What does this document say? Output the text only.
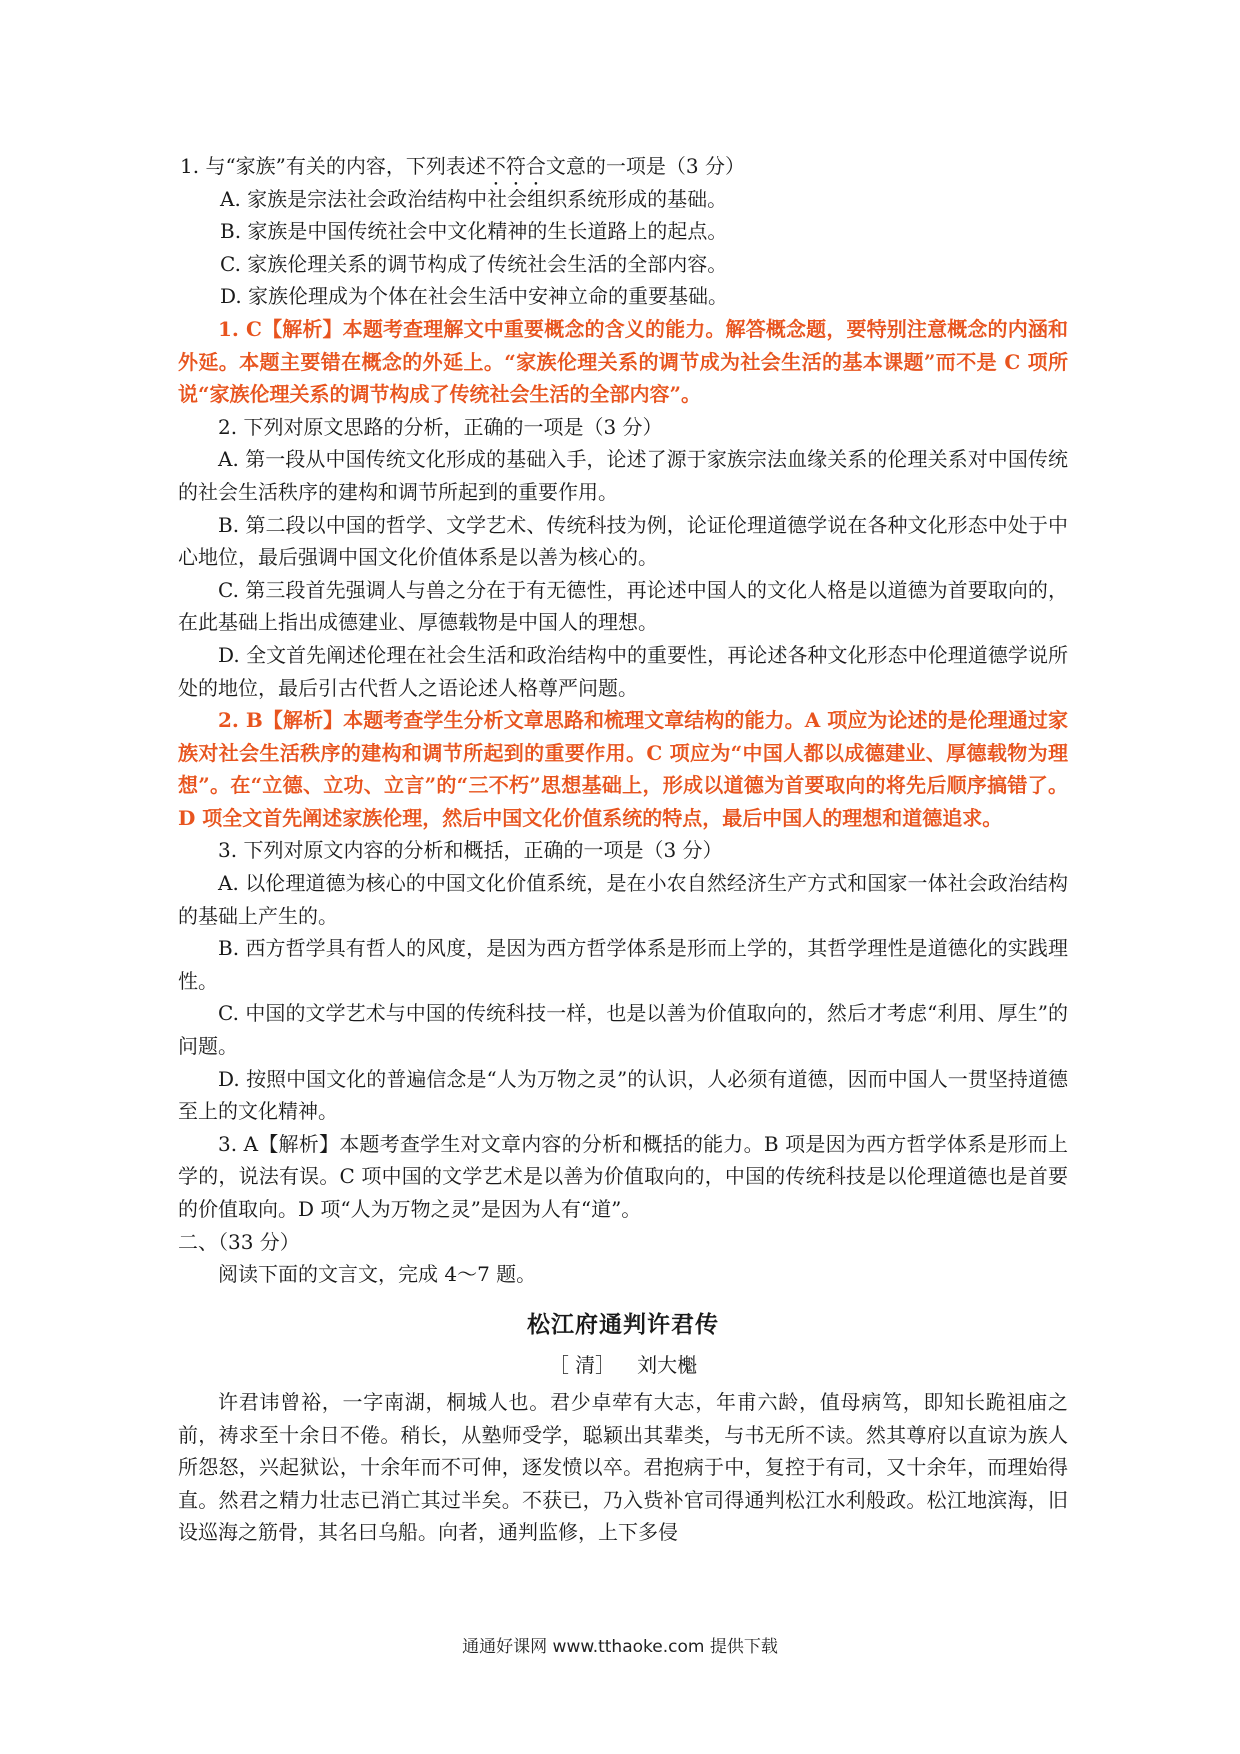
1. 与“家族”有关的内容，下列表述不符合文意的一项是（3 分）

A. 家族是宗法社会政治结构中社会组织系统形成的基础。

B. 家族是中国传统社会中文化精神的生长道路上的起点。

C. 家族伦理关系的调节构成了传统社会生活的全部内容。

D. 家族伦理成为个体在社会生活中安神立命的重要基础。

1. C【解析】本题考查理解文中重要概念的含义的能力。解答概念题，要特别注意概念的内涵和外延。本题主要错在概念的外延上。“家族伦理关系的调节成为社会生活的基本课题”而不是 C 项所说“家族伦理关系的调节构成了传统社会生活的全部内容”。

2. 下列对原文思路的分析，正确的一项是（3 分）

A. 第一段从中国传统文化形成的基础入手，论述了源于家族宗法血缘关系的伦理关系对中国传统的社会生活秩序的建构和调节所起到的重要作用。

B. 第二段以中国的哲学、文学艺术、传统科技为例，论证伦理道德学说在各种文化形态中处于中心地位，最后强调中国文化价值体系是以善为核心的。

C. 第三段首先强调人与兽之分在于有无德性，再论述中国人的文化人格是以道德为首要取向的，在此基础上指出成德建业、厚德载物是中国人的理想。

D. 全文首先阐述伦理在社会生活和政治结构中的重要性，再论述各种文化形态中伦理道德学说所处的地位，最后引古代哲人之语论述人格尊严问题。

2. B【解析】本题考查学生分析文章思路和梳理文章结构的能力。A 项应为论述的是伦理通过家族对社会生活秩序的建构和调节所起到的重要作用。C 项应为“中国人都以成德建业、厚德载物为理想”。在“立德、立功、立言”的“三不朽”思想基础上，形成以道德为首要取向的将先后顺序搞错了。D 项全文首先阐述家族伦理，然后中国文化价值系统的特点，最后中国人的理想和道德追求。

3. 下列对原文内容的分析和概括，正确的一项是（3 分）

A. 以伦理道德为核心的中国文化价值系统，是在小农自然经济生产方式和国家一体社会政治结构的基础上产生的。

B. 西方哲学具有哲人的风度，是因为西方哲学体系是形而上学的，其哲学理性是道德化的实践理性。

C. 中国的文学艺术与中国的传统科技一样，也是以善为价值取向的，然后才考虑“利用、厚生”的问题。

D. 按照中国文化的普遍信念是“人为万物之灵”的认识，人必须有道德，因而中国人一贯坚持道德至上的文化精神。

3. A【解析】本题考查学生对文章内容的分析和概括的能力。B 项是因为西方哲学体系是形而上学的，说法有误。C 项中国的文学艺术是以善为价值取向的，中国的传统科技是以伦理道德也是首要的价值取向。D 项“人为万物之灵”是因为人有“道”。

二、（33 分）

阅读下面的文言文，完成 4～7 题。

松江府通判许君传

［ 清］ 刘大櫆

许君讳曾裕，一字南湖，桐城人也。君少卓荦有大志，年甫六龄，值母病笃，即知长跪祖庙之前，祷求至十余日不倦。稍长，从塾师受学，聪颖出其辈类，与书无所不读。然其尊府以直谅为族人所怨怒，兴起狱讼，十余年而不可伸，逐发愤以卒。君抱病于中，复控于有司，又十余年，而理始得直。然君之精力壮志已消亡其过半矣。不获已，乃入赀补官司得通判松江水利般政。松江地滨海，旧设巡海之筋骨，其名曰乌船。向者，通判监修，上下多侵

通通好课网 www.tthaoke.com 提供下载
